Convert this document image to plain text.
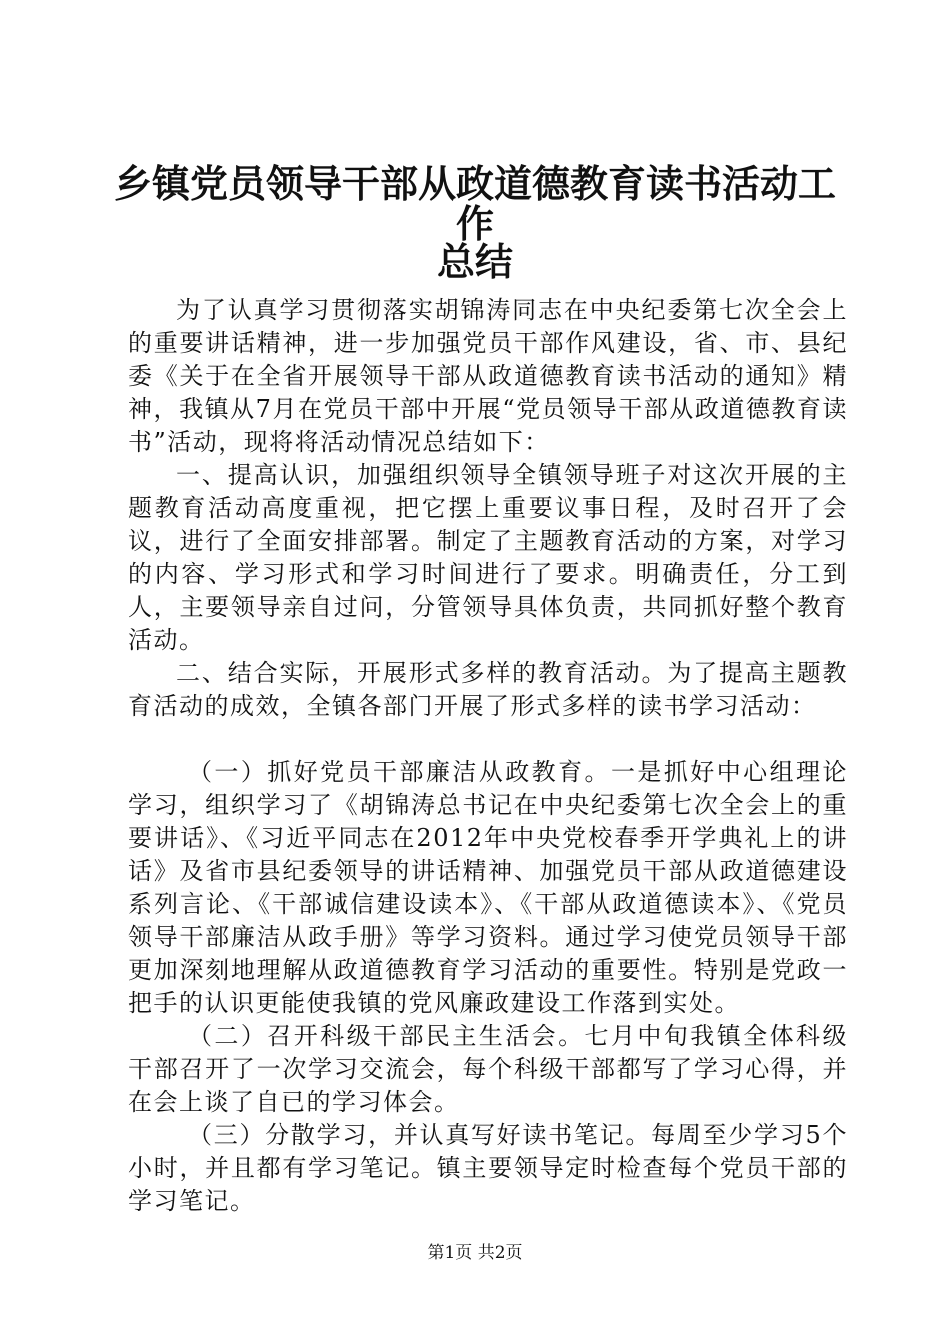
乡镇党员领导干部从政道德教育读书活动工作
总结

为了认真学习贯彻落实胡锦涛同志在中央纪委第七次全会上的重要讲话精神，进一步加强党员干部作风建设，省、市、县纪委《关于在全省开展领导干部从政道德教育读书活动的通知》精神，我镇从7月在党员干部中开展“党员领导干部从政道德教育读书”活动，现将将活动情况总结如下：

一、提高认识，加强组织领导全镇领导班子对这次开展的主题教育活动高度重视，把它摆上重要议事日程，及时召开了会议，进行了全面安排部署。制定了主题教育活动的方案，对学习的内容、学习形式和学习时间进行了要求。明确责任，分工到人，主要领导亲自过问，分管领导具体负责，共同抓好整个教育活动。

二、结合实际，开展形式多样的教育活动。为了提高主题教育活动的成效，全镇各部门开展了形式多样的读书学习活动：

（一）抓好党员干部廉洁从政教育。一是抓好中心组理论学习，组织学习了《胡锦涛总书记在中央纪委第七次全会上的重要讲话》、《习近平同志在2012年中央党校春季开学典礼上的讲话》及省市县纪委领导的讲话精神、加强党员干部从政道德建设系列言论、《干部诚信建设读本》、《干部从政道德读本》、《党员领导干部廉洁从政手册》等学习资料。通过学习使党员领导干部更加深刻地理解从政道德教育学习活动的重要性。特别是党政一把手的认识更能使我镇的党风廉政建设工作落到实处。

（二）召开科级干部民主生活会。七月中旬我镇全体科级干部召开了一次学习交流会，每个科级干部都写了学习心得，并在会上谈了自已的学习体会。

（三）分散学习，并认真写好读书笔记。每周至少学习5个小时，并且都有学习笔记。镇主要领导定时检查每个党员干部的学习笔记。

第1页 共2页
